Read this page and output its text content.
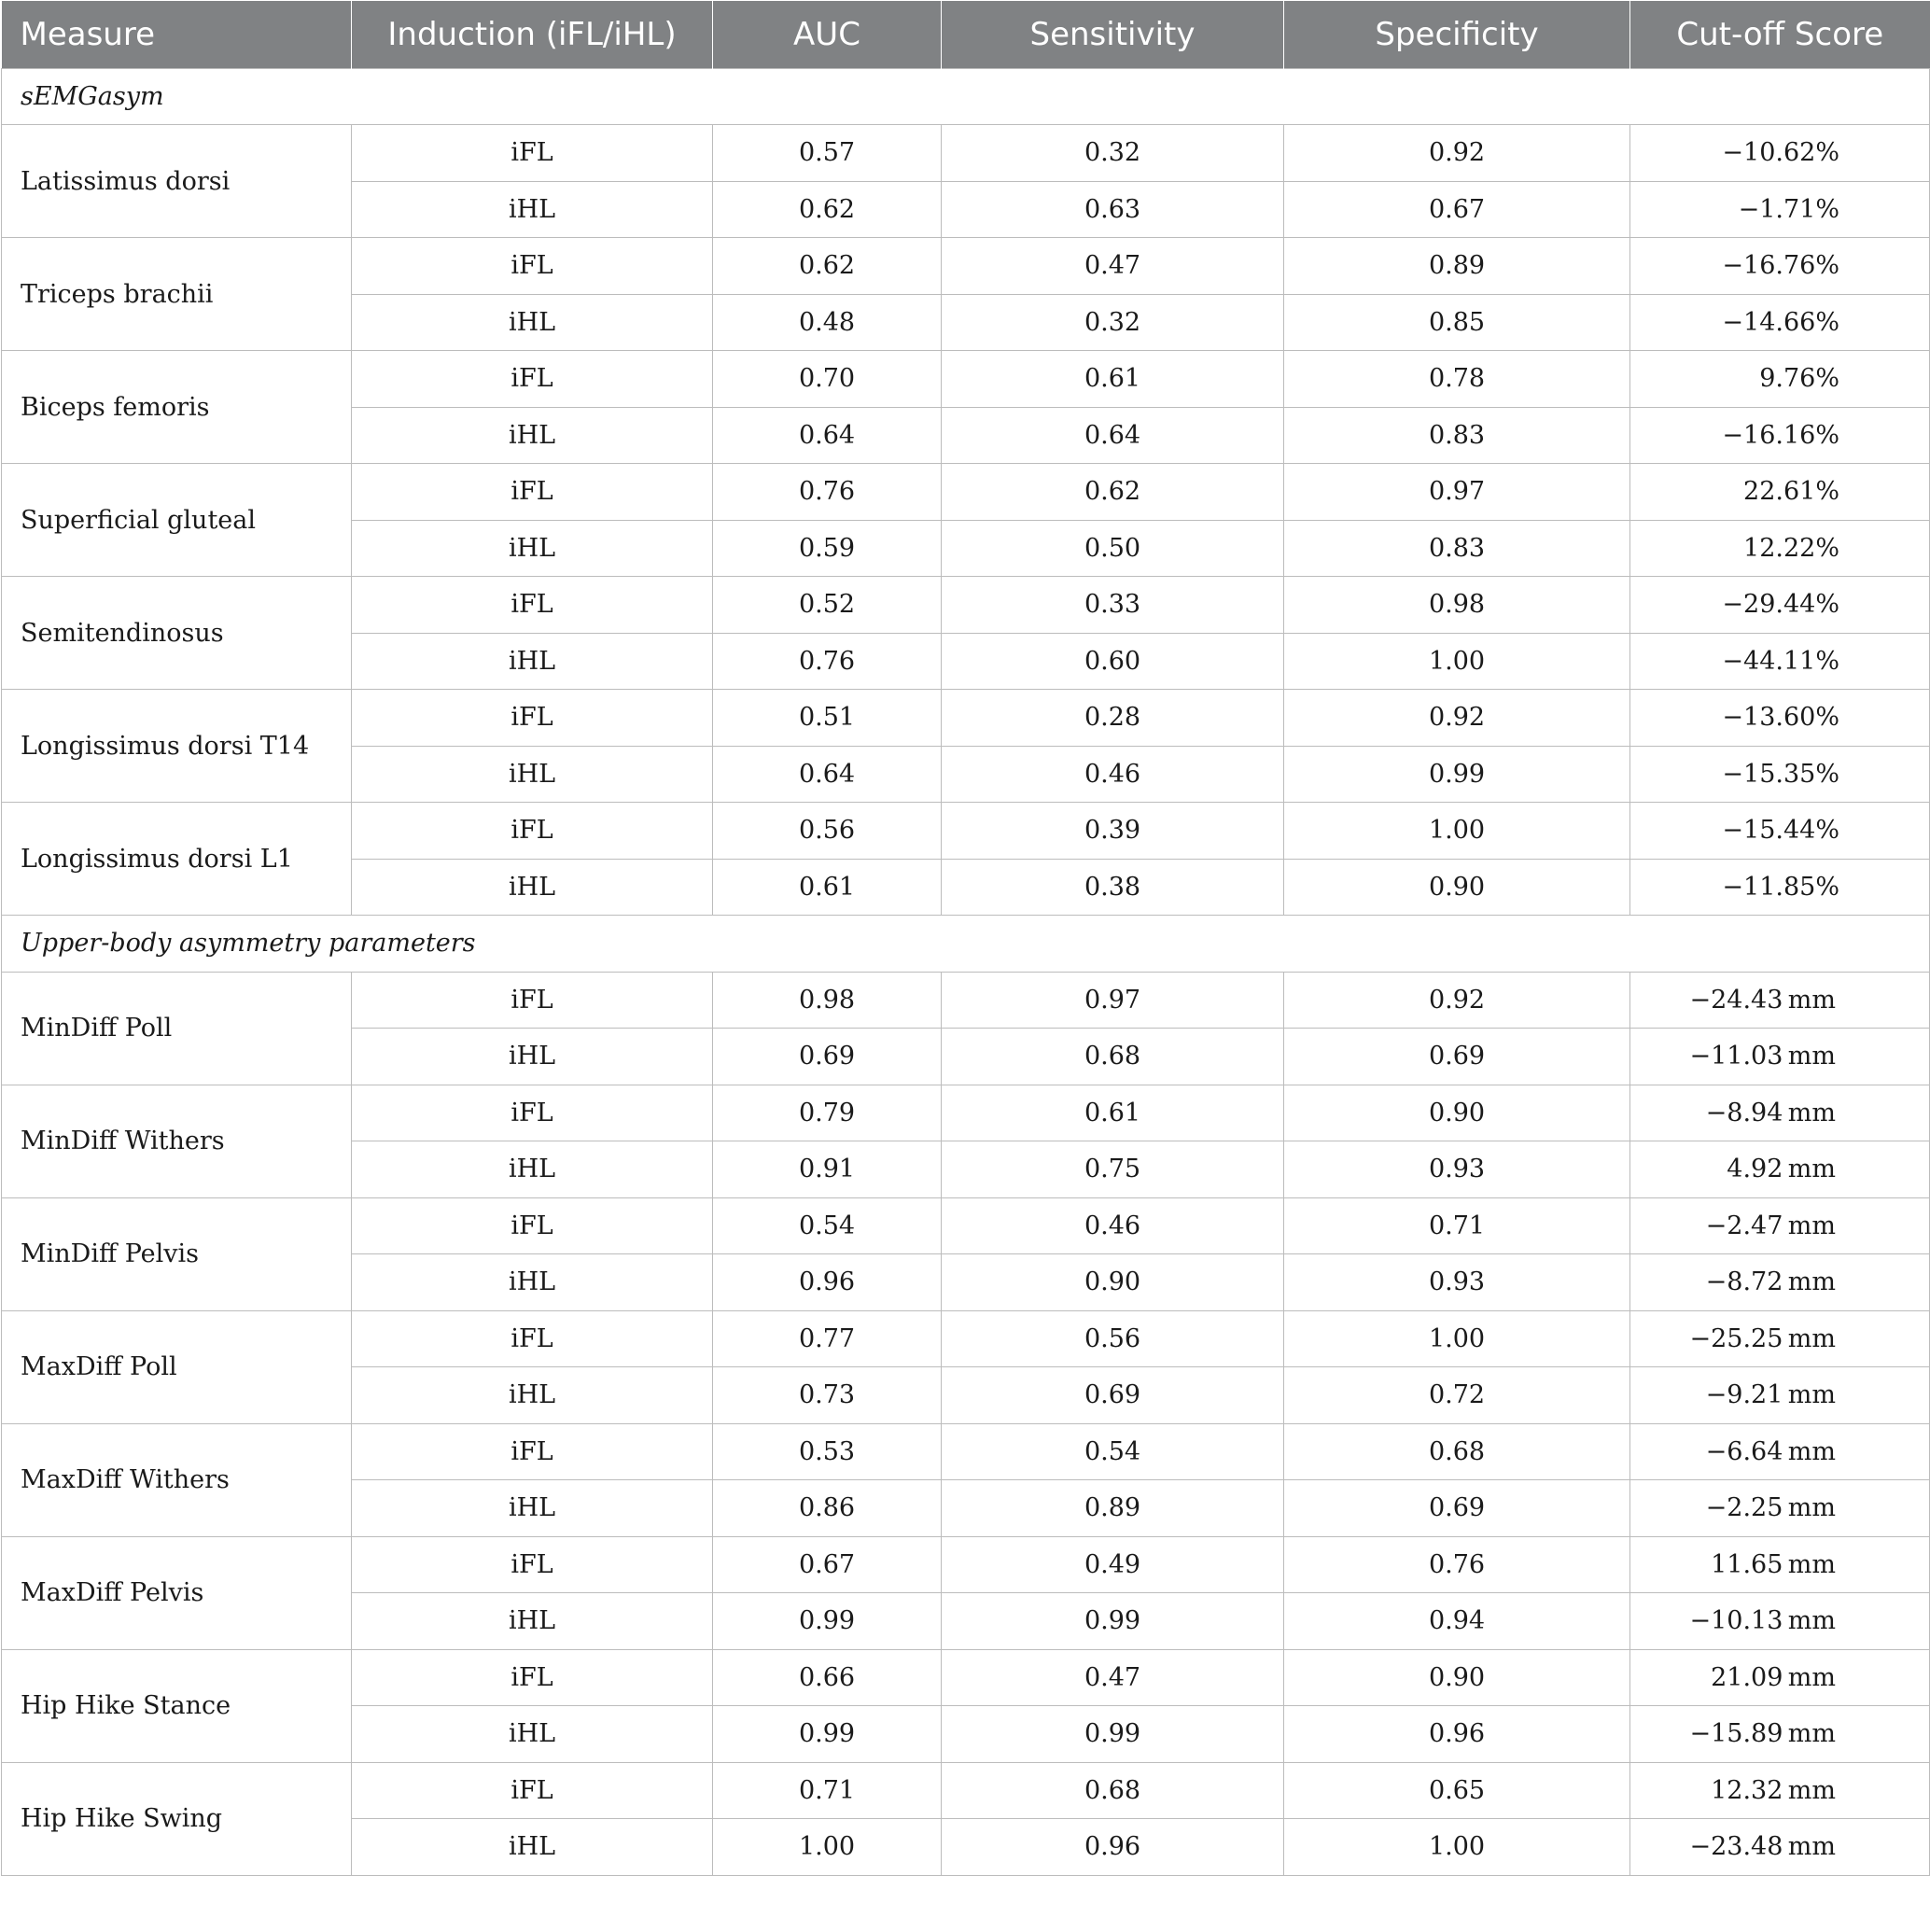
Measure	Induction (iFL/iHL)	AUC	Sensitivity	Specificity	Cut-off Score
sEMGasym					
Latissimus dorsi	iFL	0.57	0.32	0.92	−10.62%
	iHL	0.62	0.63	0.67	−1.71%
Triceps brachii	iFL	0.62	0.47	0.89	−16.76%
	iHL	0.48	0.32	0.85	−14.66%
Biceps femoris	iFL	0.70	0.61	0.78	9.76%
	iHL	0.64	0.64	0.83	−16.16%
Superficial gluteal	iFL	0.76	0.62	0.97	22.61%
	iHL	0.59	0.50	0.83	12.22%
Semitendinosus	iFL	0.52	0.33	0.98	−29.44%
	iHL	0.76	0.60	1.00	−44.11%
Longissimus dorsi T14	iFL	0.51	0.28	0.92	−13.60%
	iHL	0.64	0.46	0.99	−15.35%
Longissimus dorsi L1	iFL	0.56	0.39	1.00	−15.44%
	iHL	0.61	0.38	0.90	−11.85%
Upper-body asymmetry parameters					
MinDiff Poll	iFL	0.98	0.97	0.92	−24.43 mm
	iHL	0.69	0.68	0.69	−11.03 mm
MinDiff Withers	iFL	0.79	0.61	0.90	−8.94 mm
	iHL	0.91	0.75	0.93	4.92 mm
MinDiff Pelvis	iFL	0.54	0.46	0.71	−2.47 mm
	iHL	0.96	0.90	0.93	−8.72 mm
MaxDiff Poll	iFL	0.77	0.56	1.00	−25.25 mm
	iHL	0.73	0.69	0.72	−9.21 mm
MaxDiff Withers	iFL	0.53	0.54	0.68	−6.64 mm
	iHL	0.86	0.89	0.69	−2.25 mm
MaxDiff Pelvis	iFL	0.67	0.49	0.76	11.65 mm
	iHL	0.99	0.99	0.94	−10.13 mm
Hip Hike Stance	iFL	0.66	0.47	0.90	21.09 mm
	iHL	0.99	0.99	0.96	−15.89 mm
Hip Hike Swing	iFL	0.71	0.68	0.65	12.32 mm
	iHL	1.00	0.96	1.00	−23.48 mm
